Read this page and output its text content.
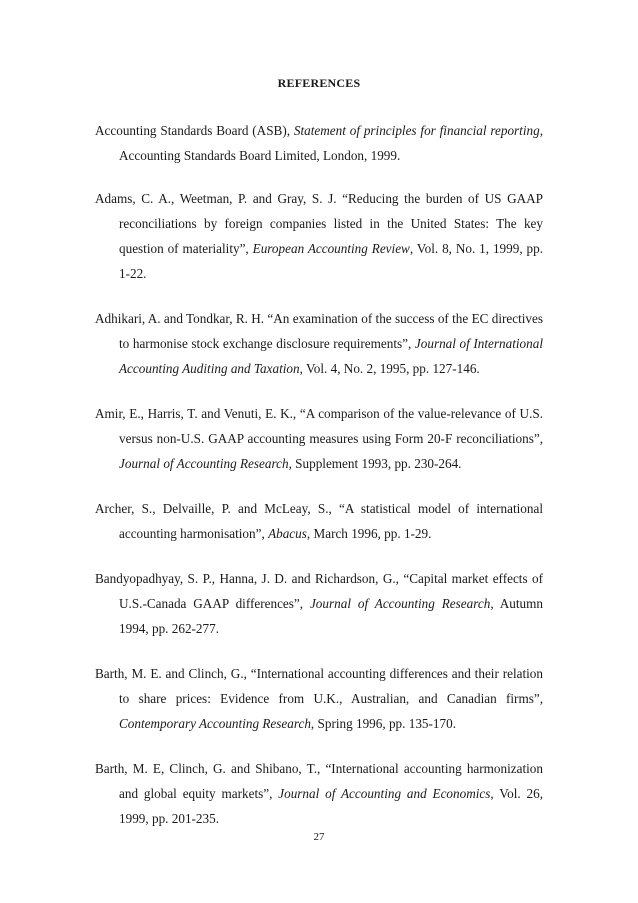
REFERENCES

Accounting Standards Board (ASB), Statement of principles for financial reporting, Accounting Standards Board Limited, London, 1999.

Adams, C. A., Weetman, P. and Gray, S. J. “Reducing the burden of US GAAP reconciliations by foreign companies listed in the United States: The key question of materiality”, European Accounting Review, Vol. 8, No. 1, 1999, pp. 1-22.

Adhikari, A. and Tondkar, R. H. “An examination of the success of the EC directives to harmonise stock exchange disclosure requirements”, Journal of International Accounting Auditing and Taxation, Vol. 4, No. 2, 1995, pp. 127-146.

Amir, E., Harris, T. and Venuti, E. K., “A comparison of the value-relevance of U.S. versus non-U.S. GAAP accounting measures using Form 20-F reconciliations”, Journal of Accounting Research, Supplement 1993, pp. 230-264.

Archer, S., Delvaille, P. and McLeay, S., “A statistical model of international accounting harmonisation”, Abacus, March 1996, pp. 1-29.

Bandyopadhyay, S. P., Hanna, J. D. and Richardson, G., “Capital market effects of U.S.-Canada GAAP differences”, Journal of Accounting Research, Autumn 1994, pp. 262-277.

Barth, M. E. and Clinch, G., “International accounting differences and their relation to share prices: Evidence from U.K., Australian, and Canadian firms”, Contemporary Accounting Research, Spring 1996, pp. 135-170.

Barth, M. E, Clinch, G. and Shibano, T., “International accounting harmonization and global equity markets”, Journal of Accounting and Economics, Vol. 26, 1999, pp. 201-235.

27
